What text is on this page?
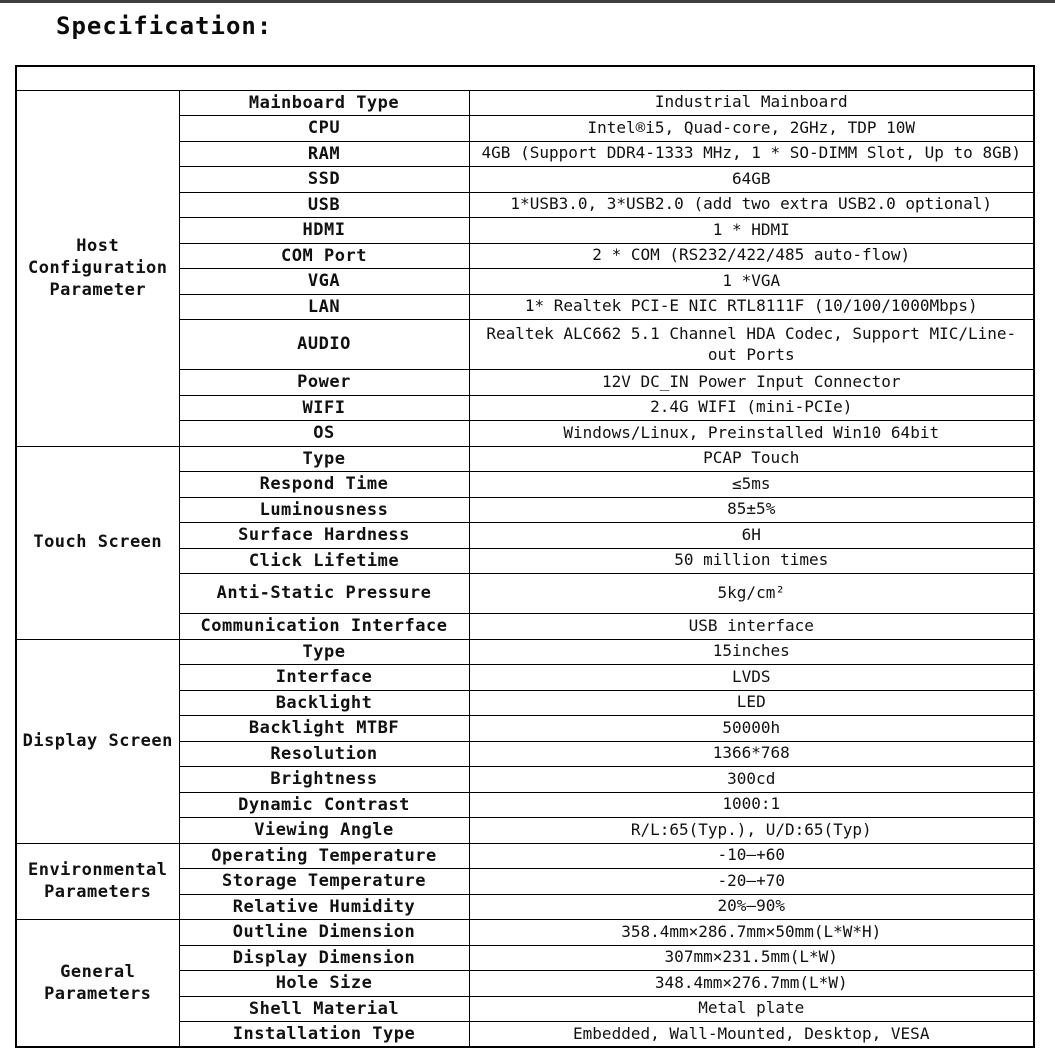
Specification:

Host Configuration Parameter	Mainboard Type	Industrial Mainboard
	CPU	Intel®i5, Quad-core, 2GHz, TDP 10W
	RAM	4GB (Support DDR4-1333 MHz, 1 * SO-DIMM Slot, Up to 8GB)
	SSD	64GB
	USB	1*USB3.0, 3*USB2.0 (add two extra USB2.0 optional)
	HDMI	1 * HDMI
	COM Port	2 * COM (RS232/422/485 auto-flow)
	VGA	1 *VGA
	LAN	1* Realtek PCI-E NIC RTL8111F (10/100/1000Mbps)
	AUDIO	Realtek ALC662 5.1 Channel HDA Codec, Support MIC/Line-out Ports
	Power	12V DC_IN Power Input Connector
	WIFI	2.4G WIFI (mini-PCIe)
	OS	Windows/Linux, Preinstalled Win10 64bit
Touch Screen	Type	PCAP Touch
	Respond Time	≤5ms
	Luminousness	85±5%
	Surface Hardness	6H
	Click Lifetime	50 million times
	Anti-Static Pressure	5kg/cm²
	Communication Interface	USB interface
Display Screen	Type	15inches
	Interface	LVDS
	Backlight	LED
	Backlight MTBF	50000h
	Resolution	1366*768
	Brightness	300cd
	Dynamic Contrast	1000:1
	Viewing Angle	R/L:65(Typ.), U/D:65(Typ)
Environmental Parameters	Operating Temperature	-10—+60
	Storage Temperature	-20—+70
	Relative Humidity	20%—90%
General Parameters	Outline Dimension	358.4mm×286.7mm×50mm(L*W*H)
	Display Dimension	307mm×231.5mm(L*W)
	Hole Size	348.4mm×276.7mm(L*W)
	Shell Material	Metal plate
	Installation Type	Embedded, Wall-Mounted, Desktop, VESA
